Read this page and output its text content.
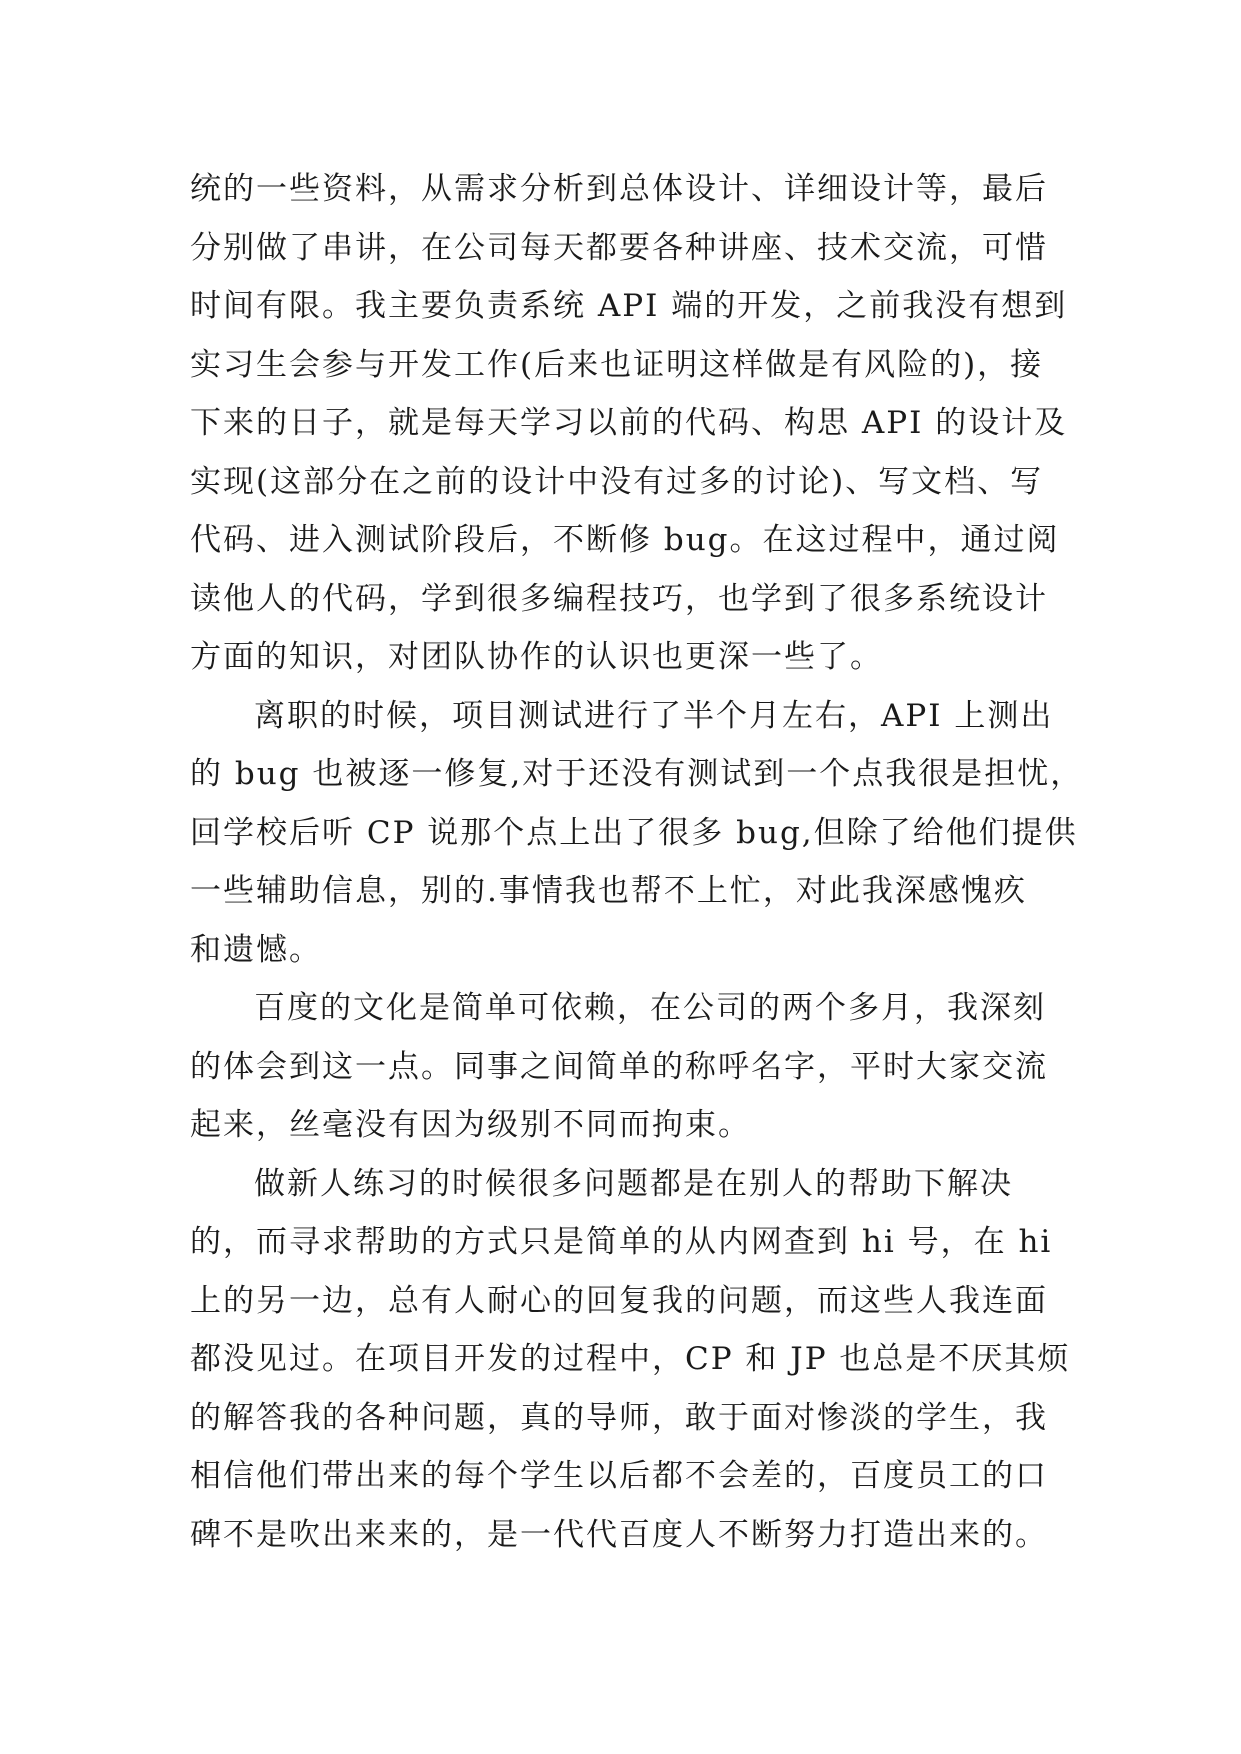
统的一些资料，从需求分析到总体设计、详细设计等，最后
分别做了串讲，在公司每天都要各种讲座、技术交流，可惜
时间有限。我主要负责系统 API 端的开发，之前我没有想到
实习生会参与开发工作(后来也证明这样做是有风险的)，接
下来的日子，就是每天学习以前的代码、构思 API 的设计及
实现(这部分在之前的设计中没有过多的讨论)、写文档、写
代码、进入测试阶段后，不断修 bug。在这过程中，通过阅
读他人的代码，学到很多编程技巧，也学到了很多系统设计
方面的知识，对团队协作的认识也更深一些了。
离职的时候，项目测试进行了半个月左右，API 上测出
的 bug 也被逐一修复,对于还没有测试到一个点我很是担忧，
回学校后听 CP 说那个点上出了很多 bug,但除了给他们提供
一些辅助信息，别的.事情我也帮不上忙，对此我深感愧疚
和遗憾。
百度的文化是简单可依赖，在公司的两个多月，我深刻
的体会到这一点。同事之间简单的称呼名字，平时大家交流
起来，丝毫没有因为级别不同而拘束。
做新人练习的时候很多问题都是在别人的帮助下解决
的，而寻求帮助的方式只是简单的从内网查到 hi 号，在 hi
上的另一边，总有人耐心的回复我的问题，而这些人我连面
都没见过。在项目开发的过程中，CP 和 JP 也总是不厌其烦
的解答我的各种问题，真的导师，敢于面对惨淡的学生，我
相信他们带出来的每个学生以后都不会差的，百度员工的口
碑不是吹出来来的，是一代代百度人不断努力打造出来的。
